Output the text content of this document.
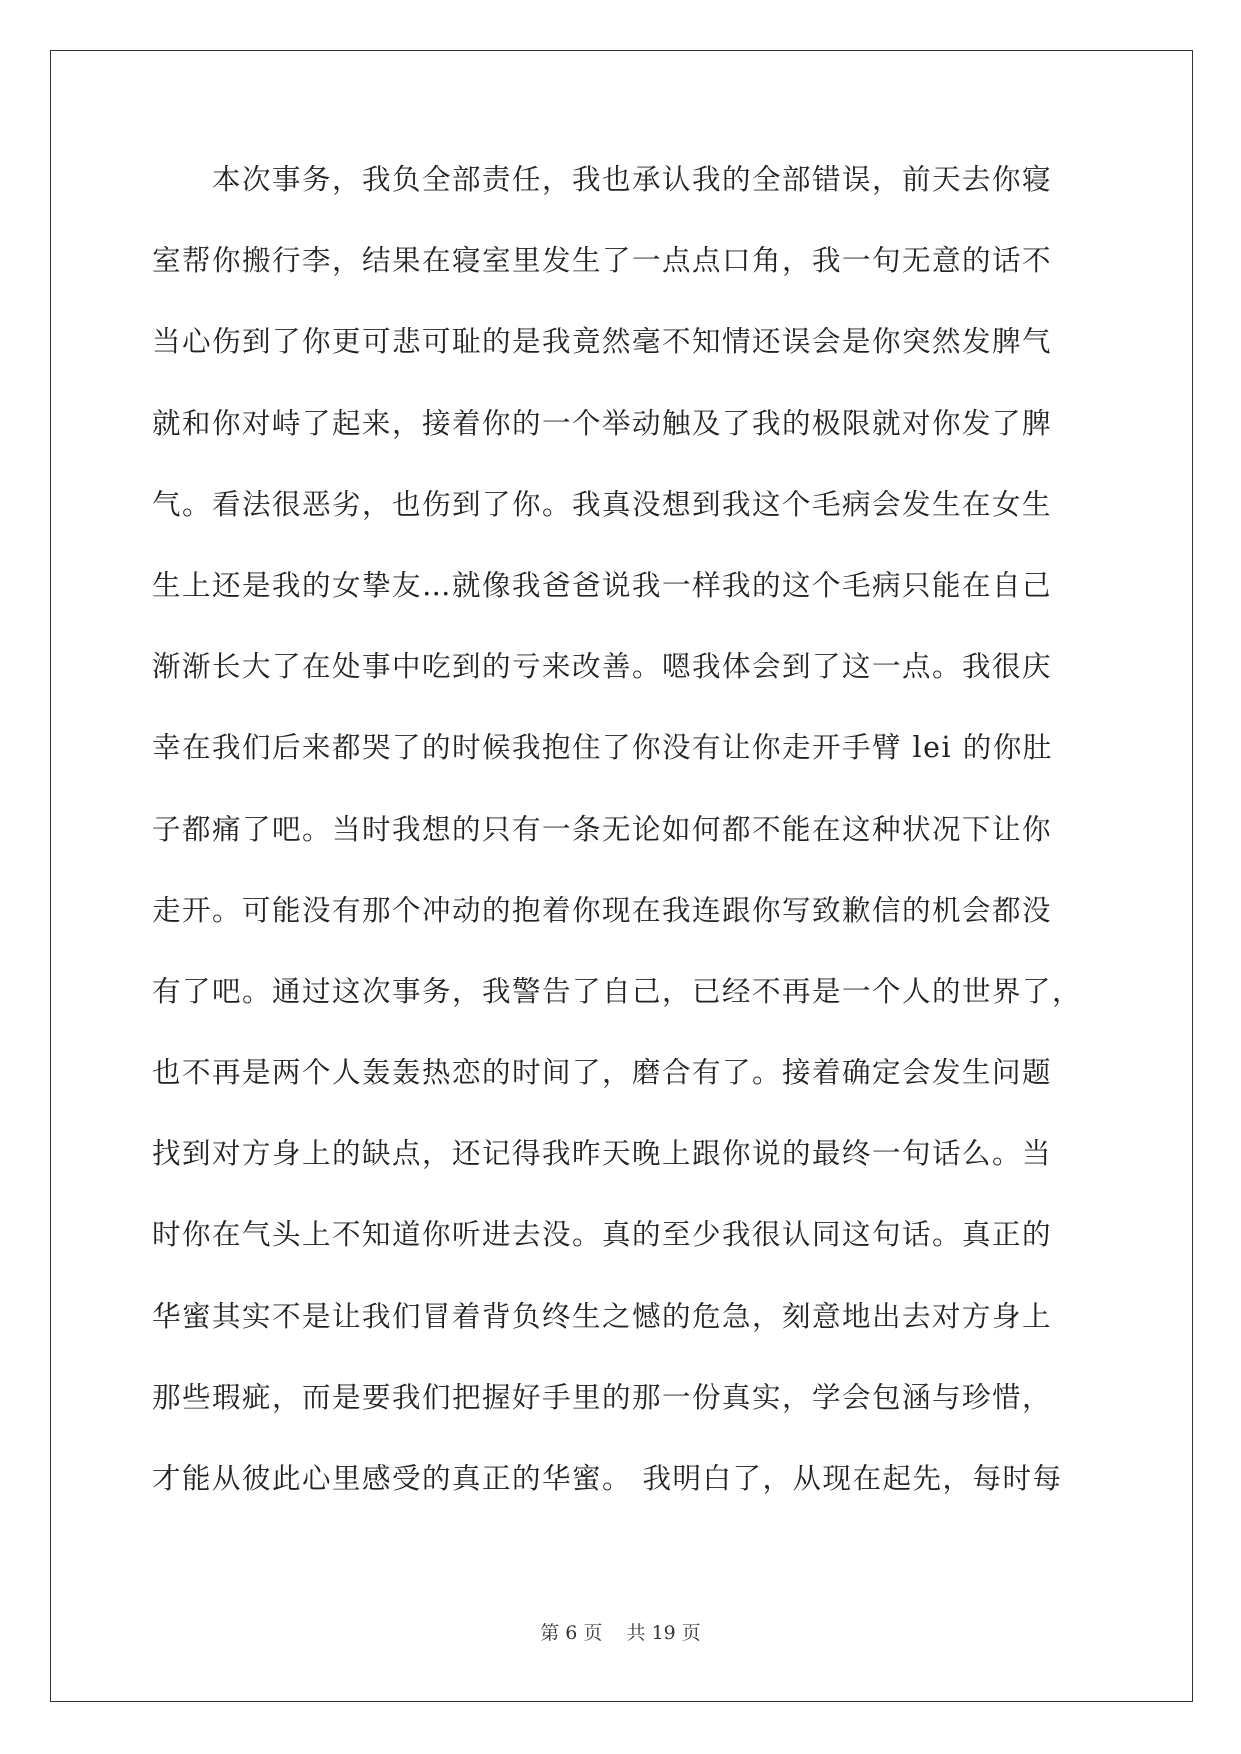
本次事务，我负全部责任，我也承认我的全部错误，前天去你寝
室帮你搬行李，结果在寝室里发生了一点点口角，我一句无意的话不
当心伤到了你更可悲可耻的是我竟然毫不知情还误会是你突然发脾气
就和你对峙了起来，接着你的一个举动触及了我的极限就对你发了脾
气。看法很恶劣，也伤到了你。我真没想到我这个毛病会发生在女生
生上还是我的女挚友…就像我爸爸说我一样我的这个毛病只能在自己
渐渐长大了在处事中吃到的亏来改善。嗯我体会到了这一点。我很庆
幸在我们后来都哭了的时候我抱住了你没有让你走开手臂 lei 的你肚
子都痛了吧。当时我想的只有一条无论如何都不能在这种状况下让你
走开。可能没有那个冲动的抱着你现在我连跟你写致歉信的机会都没
有了吧。通过这次事务，我警告了自己，已经不再是一个人的世界了，
也不再是两个人轰轰热恋的时间了，磨合有了。接着确定会发生问题
找到对方身上的缺点，还记得我昨天晚上跟你说的最终一句话么。当
时你在气头上不知道你听进去没。真的至少我很认同这句话。真正的
华蜜其实不是让我们冒着背负终生之憾的危急，刻意地出去对方身上
那些瑕疵，而是要我们把握好手里的那一份真实，学会包涵与珍惜，
才能从彼此心里感受的真正的华蜜。 我明白了，从现在起先，每时每
第 6 页    共 19 页
